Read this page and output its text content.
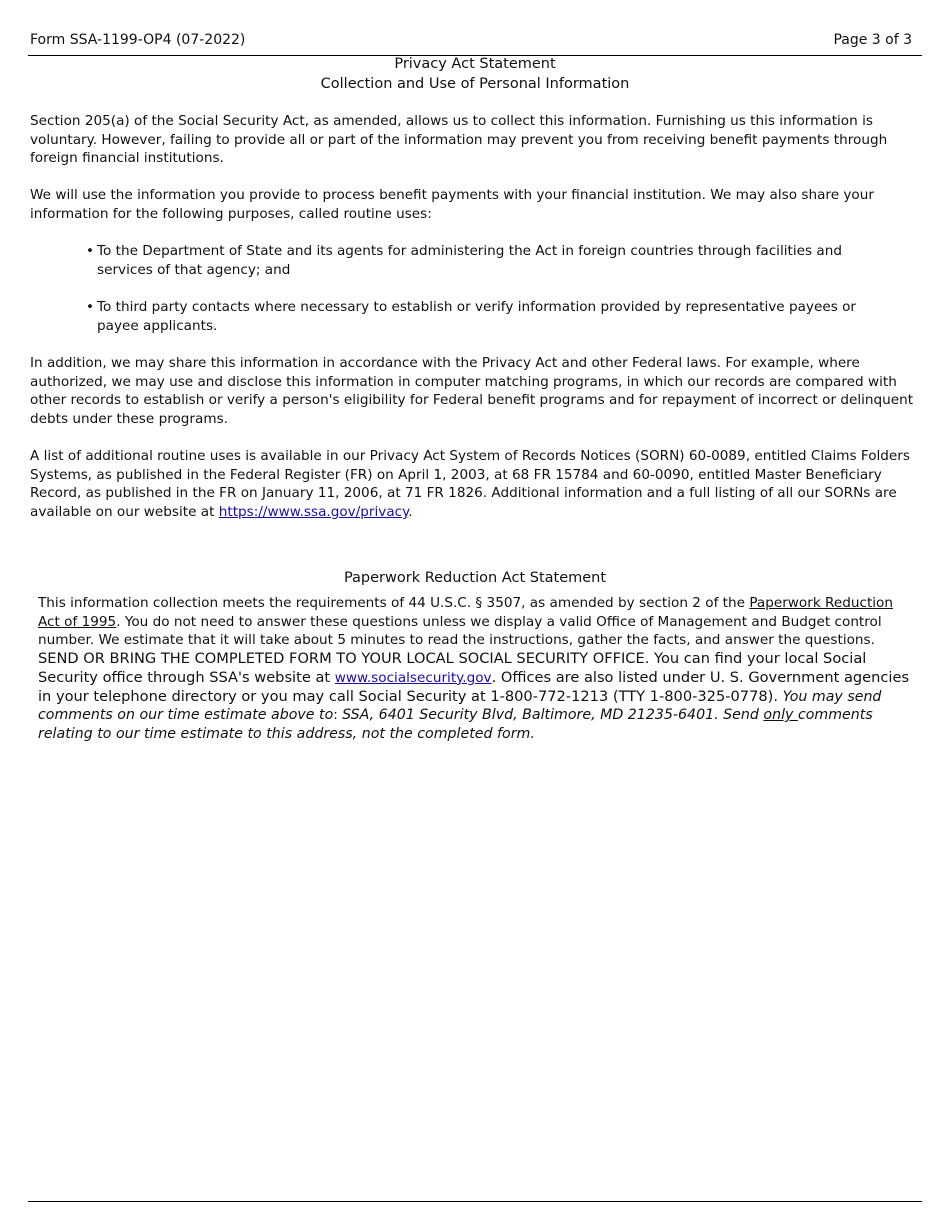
Form SSA-1199-OP4 (07-2022)	Page 3 of 3
Privacy Act Statement
Collection and Use of Personal Information
Section 205(a) of the Social Security Act, as amended, allows us to collect this information. Furnishing us this information is voluntary. However, failing to provide all or part of the information may prevent you from receiving benefit payments through foreign financial institutions.
We will use the information you provide to process benefit payments with your financial institution. We may also share your information for the following purposes, called routine uses:
• To the Department of State and its agents for administering the Act in foreign countries through facilities and services of that agency; and
• To third party contacts where necessary to establish or verify information provided by representative payees or payee applicants.
In addition, we may share this information in accordance with the Privacy Act and other Federal laws. For example, where authorized, we may use and disclose this information in computer matching programs, in which our records are compared with other records to establish or verify a person's eligibility for Federal benefit programs and for repayment of incorrect or delinquent debts under these programs.
A list of additional routine uses is available in our Privacy Act System of Records Notices (SORN) 60-0089, entitled Claims Folders Systems, as published in the Federal Register (FR) on April 1, 2003, at 68 FR 15784 and 60-0090, entitled Master Beneficiary Record, as published in the FR on January 11, 2006, at 71 FR 1826. Additional information and a full listing of all our SORNs are available on our website at https://www.ssa.gov/privacy.
Paperwork Reduction Act Statement
This information collection meets the requirements of 44 U.S.C. § 3507, as amended by section 2 of the Paperwork Reduction Act of 1995. You do not need to answer these questions unless we display a valid Office of Management and Budget control number. We estimate that it will take about 5 minutes to read the instructions, gather the facts, and answer the questions. SEND OR BRING THE COMPLETED FORM TO YOUR LOCAL SOCIAL SECURITY OFFICE. You can find your local Social Security office through SSA's website at www.socialsecurity.gov. Offices are also listed under U. S. Government agencies in your telephone directory or you may call Social Security at 1-800-772-1213 (TTY 1-800-325-0778). You may send comments on our time estimate above to: SSA, 6401 Security Blvd, Baltimore, MD 21235-6401. Send only comments relating to our time estimate to this address, not the completed form.
